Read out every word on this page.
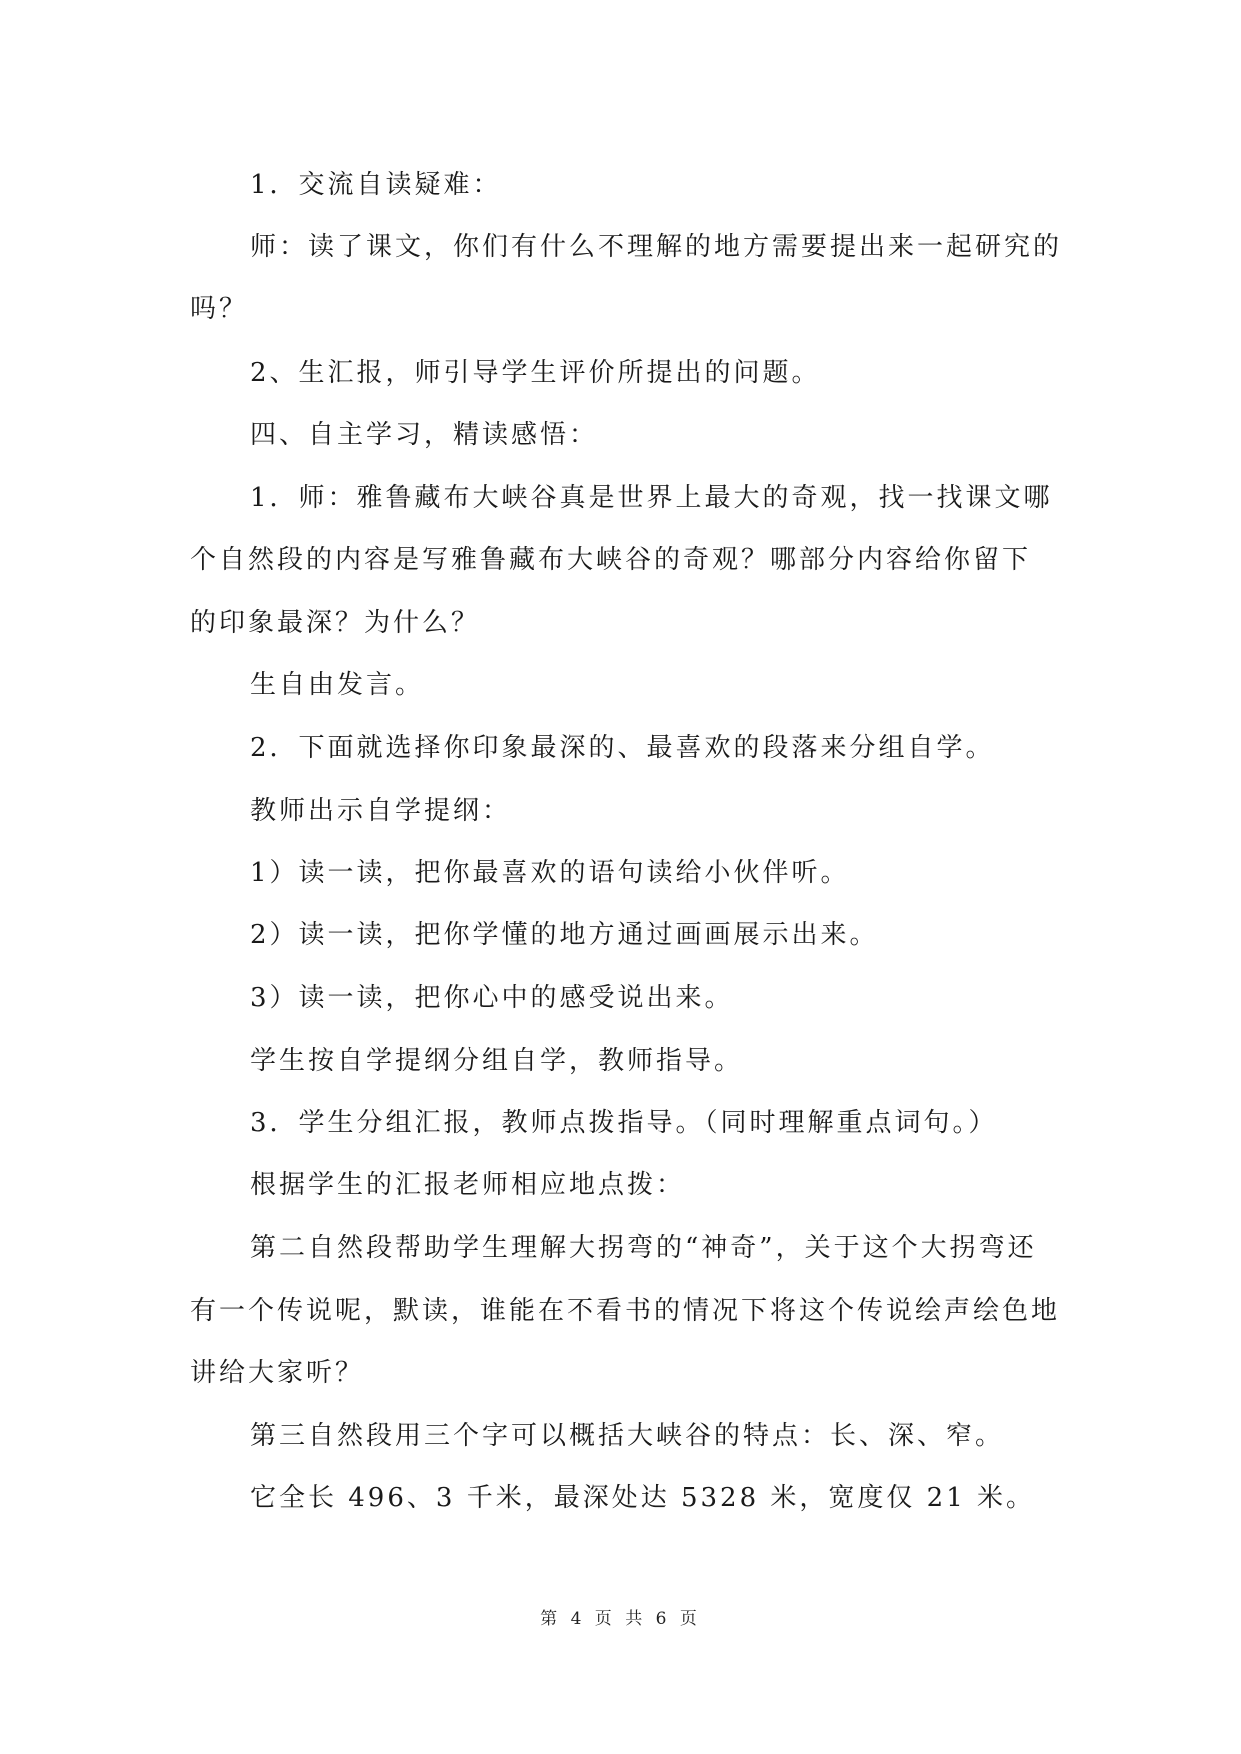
1．交流自读疑难：
师：读了课文，你们有什么不理解的地方需要提出来一起研究的
吗？
2、生汇报，师引导学生评价所提出的问题。
四、自主学习，精读感悟：
1．师：雅鲁藏布大峡谷真是世界上最大的奇观，找一找课文哪
个自然段的内容是写雅鲁藏布大峡谷的奇观？哪部分内容给你留下
的印象最深？为什么？
生自由发言。
2．下面就选择你印象最深的、最喜欢的段落来分组自学。
教师出示自学提纲：
1）读一读，把你最喜欢的语句读给小伙伴听。
2）读一读，把你学懂的地方通过画画展示出来。
3）读一读，把你心中的感受说出来。
学生按自学提纲分组自学，教师指导。
3．学生分组汇报，教师点拨指导。（同时理解重点词句。）
根据学生的汇报老师相应地点拨：
第二自然段帮助学生理解大拐弯的“神奇”，关于这个大拐弯还
有一个传说呢，默读，谁能在不看书的情况下将这个传说绘声绘色地
讲给大家听？
第三自然段用三个字可以概括大峡谷的特点：长、深、窄。
它全长 496、3 千米，最深处达 5328 米，宽度仅 21 米。
第 4 页 共 6 页
